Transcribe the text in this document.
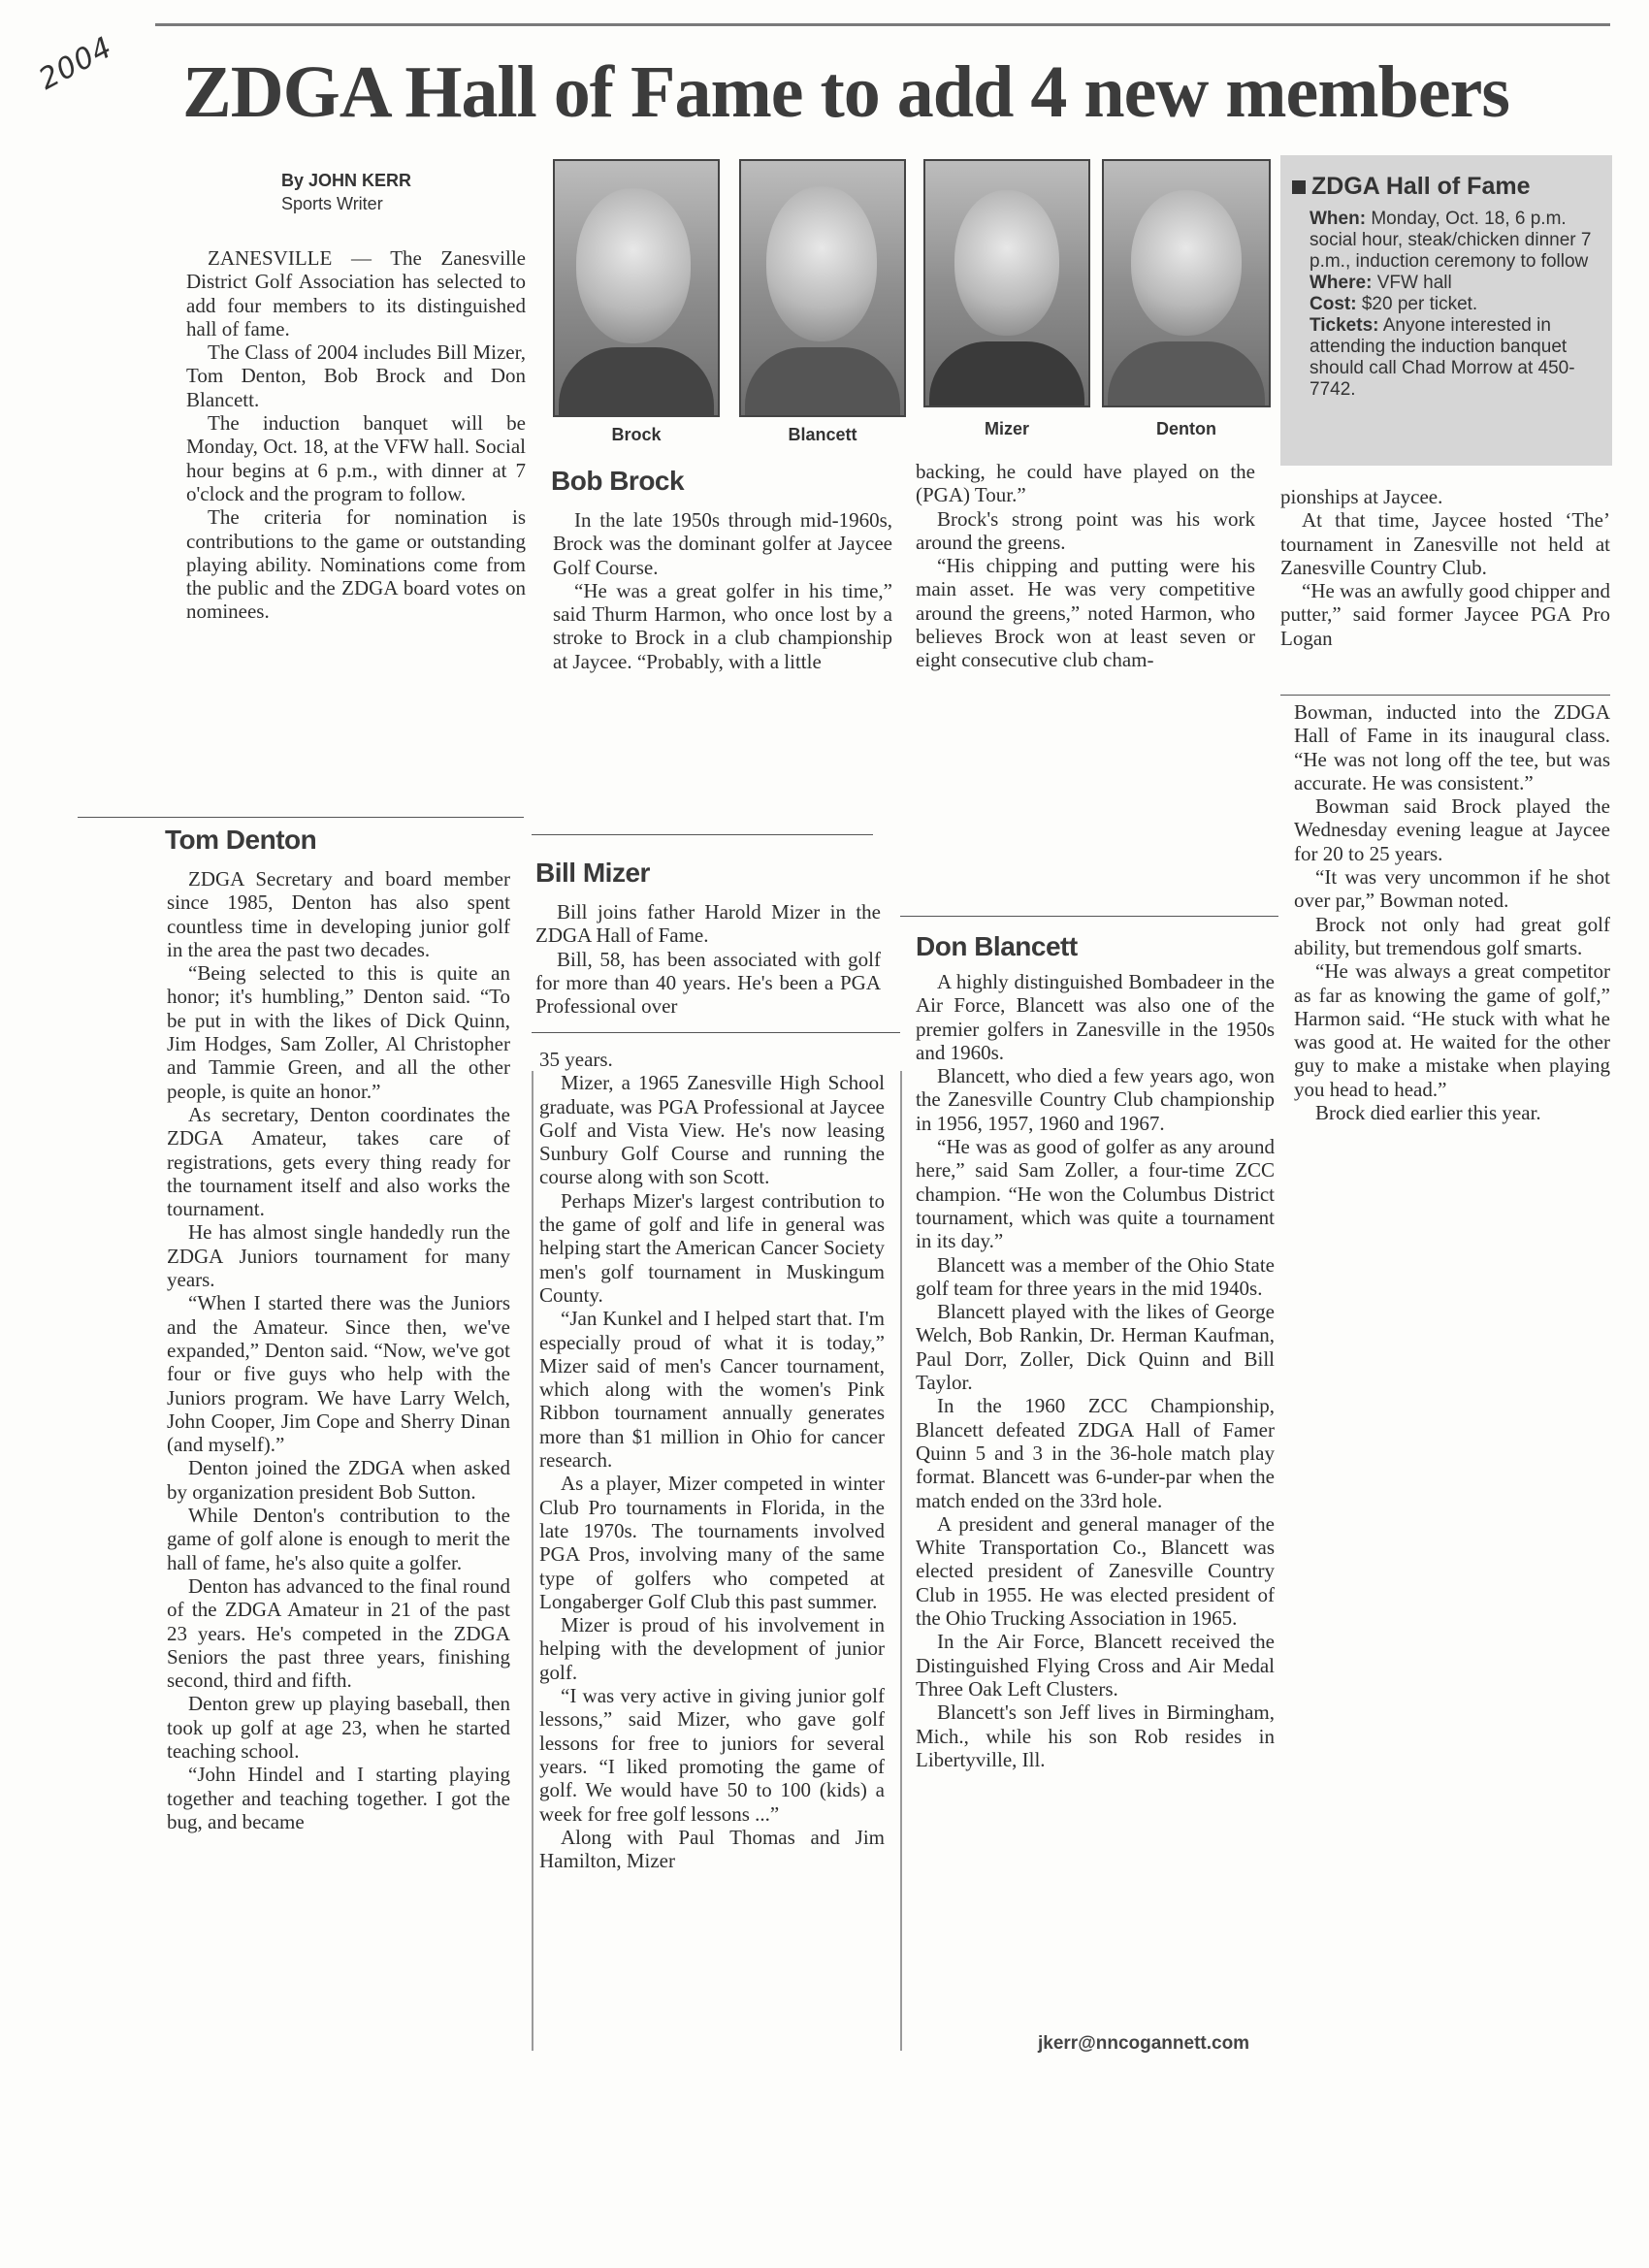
2004 ZDGA Hall of Fame to add 4 new members
By JOHN KERR
Sports Writer

ZANESVILLE — The Zanesville District Golf Association has selected to add four members to its distinguished hall of fame.

The Class of 2004 includes Bill Mizer, Tom Denton, Bob Brock and Don Blancett.

The induction banquet will be Monday, Oct. 18, at the VFW hall. Social hour begins at 6 p.m., with dinner at 7 o'clock and the program to follow.

The criteria for nomination is contributions to the game or outstanding playing ability. Nominations come from the public and the ZDGA board votes on nominees.

Brock	Blancett	Mizer	Denton
ZDGA Hall of Fame
When: Monday, Oct. 18, 6 p.m. social hour, steak/chicken dinner 7 p.m., induction ceremony to follow
Where: VFW hall
Cost: $20 per ticket.
Tickets: Anyone interested in attending the induction banquet should call Chad Morrow at 450-7742.
Bob Brock

In the late 1950s through mid-1960s, Brock was the dominant golfer at Jaycee Golf Course.

“He was a great golfer in his time,” said Thurm Harmon, who once lost by a stroke to Brock in a club championship at Jaycee. “Probably, with a little

backing, he could have played on the (PGA) Tour.”

Brock's strong point was his work around the greens.

“His chipping and putting were his main asset. He was very competitive around the greens,” noted Harmon, who believes Brock won at least seven or eight consecutive club cham-

pionships at Jaycee.

At that time, Jaycee hosted ‘The’ tournament in Zanesville not held at Zanesville Country Club.

“He was an awfully good chipper and putter,” said former Jaycee PGA Pro Logan

Bowman, inducted into the ZDGA Hall of Fame in its inaugural class. “He was not long off the tee, but was accurate. He was consistent.”

Bowman said Brock played the Wednesday evening league at Jaycee for 20 to 25 years.

“It was very uncommon if he shot over par,” Bowman noted.

Brock not only had great golf ability, but tremendous golf smarts.

“He was always a great competitor as far as knowing the game of golf,” Harmon said. “He stuck with what he was good at. He waited for the other guy to make a mistake when playing you head to head.”

Brock died earlier this year.

Tom Denton

ZDGA Secretary and board member since 1985, Denton has also spent countless time in developing junior golf in the area the past two decades.

“Being selected to this is quite an honor; it's humbling,” Denton said. “To be put in with the likes of Dick Quinn, Jim Hodges, Sam Zoller, Al Christopher and Tammie Green, and all the other people, is quite an honor.”

As secretary, Denton coordinates the ZDGA Amateur, takes care of registrations, gets every thing ready for the tournament itself and also works the tournament.

He has almost single handedly run the ZDGA Juniors tournament for many years.

“When I started there was the Juniors and the Amateur. Since then, we've expanded,” Denton said. “Now, we've got four or five guys who help with the Juniors program. We have Larry Welch, John Cooper, Jim Cope and Sherry Dinan (and myself).”

Denton joined the ZDGA when asked by organization president Bob Sutton.

While Denton's contribution to the game of golf alone is enough to merit the hall of fame, he's also quite a golfer.

Denton has advanced to the final round of the ZDGA Amateur in 21 of the past 23 years. He's competed in the ZDGA Seniors the past three years, finishing second, third and fifth.

Denton grew up playing baseball, then took up golf at age 23, when he started teaching school.

“John Hindel and I starting playing together and teaching together. I got the bug, and became

Bill Mizer

Bill joins father Harold Mizer in the ZDGA Hall of Fame.

Bill, 58, has been associated with golf for more than 40 years. He's been a PGA Professional over

35 years.

Mizer, a 1965 Zanesville High School graduate, was PGA Professional at Jaycee Golf and Vista View. He's now leasing Sunbury Golf Course and running the course along with son Scott.

Perhaps Mizer's largest contribution to the game of golf and life in general was helping start the American Cancer Society men's golf tournament in Muskingum County.

“Jan Kunkel and I helped start that. I'm especially proud of what it is today,” Mizer said of men's Cancer tournament, which along with the women's Pink Ribbon tournament annually generates more than $1 million in Ohio for cancer research.

As a player, Mizer competed in winter Club Pro tournaments in Florida, in the late 1970s. The tournaments involved PGA Pros, involving many of the same type of golfers who competed at Longaberger Golf Club this past summer.

Mizer is proud of his involvement in helping with the development of junior golf.

“I was very active in giving junior golf lessons,” said Mizer, who gave golf lessons for free to juniors for several years. “I liked promoting the game of golf. We would have 50 to 100 (kids) a week for free golf lessons ...”

Along with Paul Thomas and Jim Hamilton, Mizer

Don Blancett

A highly distinguished Bombadeer in the Air Force, Blancett was also one of the premier golfers in Zanesville in the 1950s and 1960s.

Blancett, who died a few years ago, won the Zanesville Country Club championship in 1956, 1957, 1960 and 1967.

“He was as good of golfer as any around here,” said Sam Zoller, a four-time ZCC champion. “He won the Columbus District tournament, which was quite a tournament in its day.”

Blancett was a member of the Ohio State golf team for three years in the mid 1940s.

Blancett played with the likes of George Welch, Bob Rankin, Dr. Herman Kaufman, Paul Dorr, Zoller, Dick Quinn and Bill Taylor.

In the 1960 ZCC Championship, Blancett defeated ZDGA Hall of Famer Quinn 5 and 3 in the 36-hole match play format. Blancett was 6-under-par when the match ended on the 33rd hole.

A president and general manager of the White Transportation Co., Blancett was elected president of Zanesville Country Club in 1955. He was elected president of the Ohio Trucking Association in 1965.

In the Air Force, Blancett received the Distinguished Flying Cross and Air Medal Three Oak Left Clusters.

Blancett's son Jeff lives in Birmingham, Mich., while his son Rob resides in Libertyville, Ill.

jkerr@nncogannett.com
